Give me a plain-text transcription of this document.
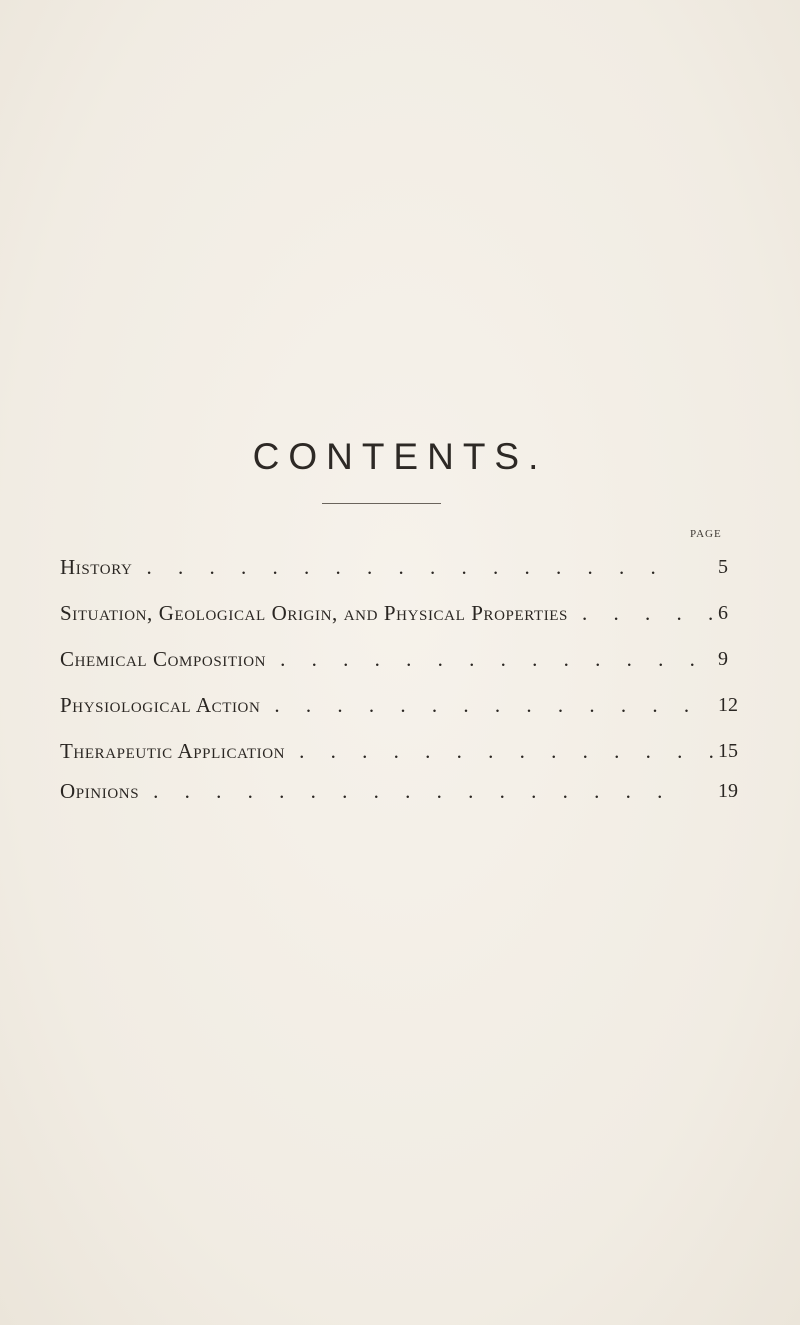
CONTENTS.
PAGE
History .	5
Situation, Geological Origin, and Physical Properties .	6
Chemical Composition .	9
Physiological Action .	12
Therapeutic Application .	15
Opinions .	19
